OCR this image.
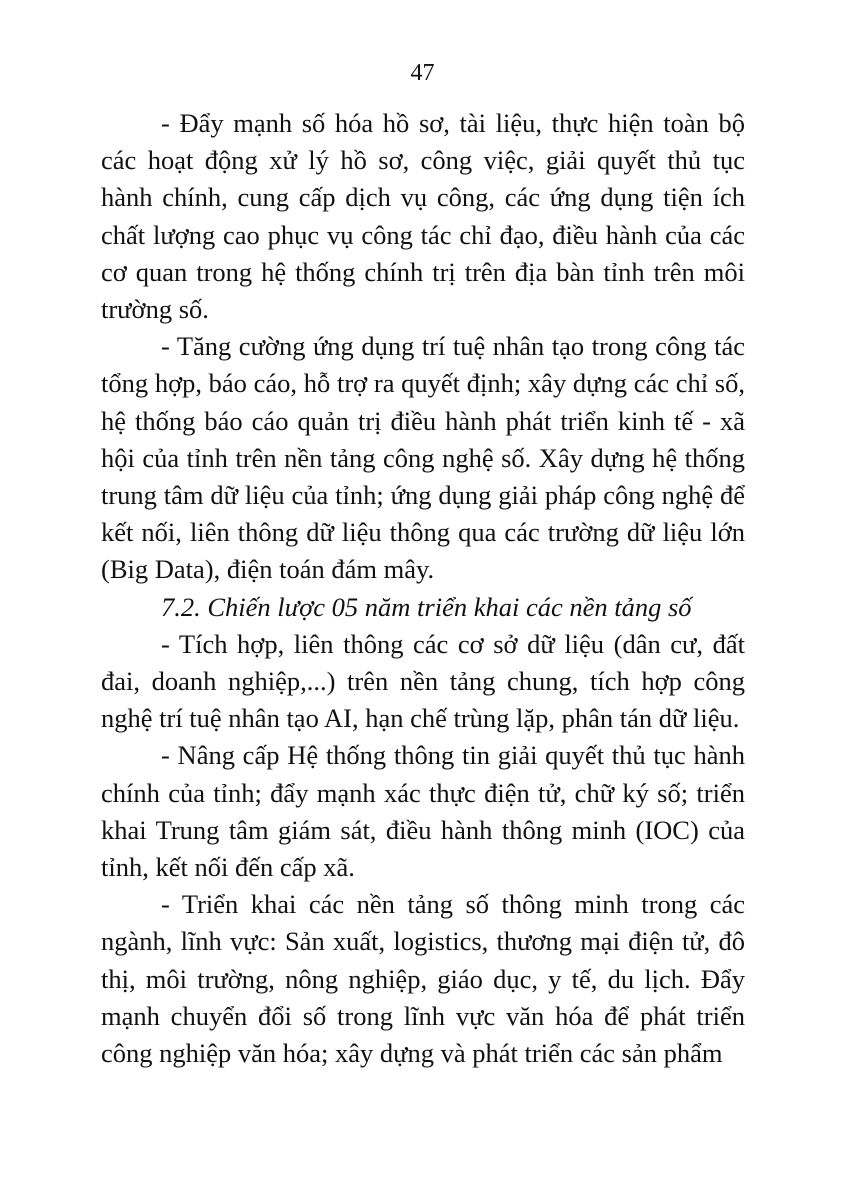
47

- Đẩy mạnh số hóa hồ sơ, tài liệu, thực hiện toàn bộ các hoạt động xử lý hồ sơ, công việc, giải quyết thủ tục hành chính, cung cấp dịch vụ công, các ứng dụng tiện ích chất lượng cao phục vụ công tác chỉ đạo, điều hành của các cơ quan trong hệ thống chính trị trên địa bàn tỉnh trên môi trường số.

- Tăng cường ứng dụng trí tuệ nhân tạo trong công tác tổng hợp, báo cáo, hỗ trợ ra quyết định; xây dựng các chỉ số, hệ thống báo cáo quản trị điều hành phát triển kinh tế - xã hội của tỉnh trên nền tảng công nghệ số. Xây dựng hệ thống trung tâm dữ liệu của tỉnh; ứng dụng giải pháp công nghệ để kết nối, liên thông dữ liệu thông qua các trường dữ liệu lớn (Big Data), điện toán đám mây.

7.2. Chiến lược 05 năm triển khai các nền tảng số

- Tích hợp, liên thông các cơ sở dữ liệu (dân cư, đất đai, doanh nghiệp,...) trên nền tảng chung, tích hợp công nghệ trí tuệ nhân tạo AI, hạn chế trùng lặp, phân tán dữ liệu.

- Nâng cấp Hệ thống thông tin giải quyết thủ tục hành chính của tỉnh; đẩy mạnh xác thực điện tử, chữ ký số; triển khai Trung tâm giám sát, điều hành thông minh (IOC) của tỉnh, kết nối đến cấp xã.

- Triển khai các nền tảng số thông minh trong các ngành, lĩnh vực: Sản xuất, logistics, thương mại điện tử, đô thị, môi trường, nông nghiệp, giáo dục, y tế, du lịch. Đẩy mạnh chuyển đổi số trong lĩnh vực văn hóa để phát triển công nghiệp văn hóa; xây dựng và phát triển các sản phẩm
